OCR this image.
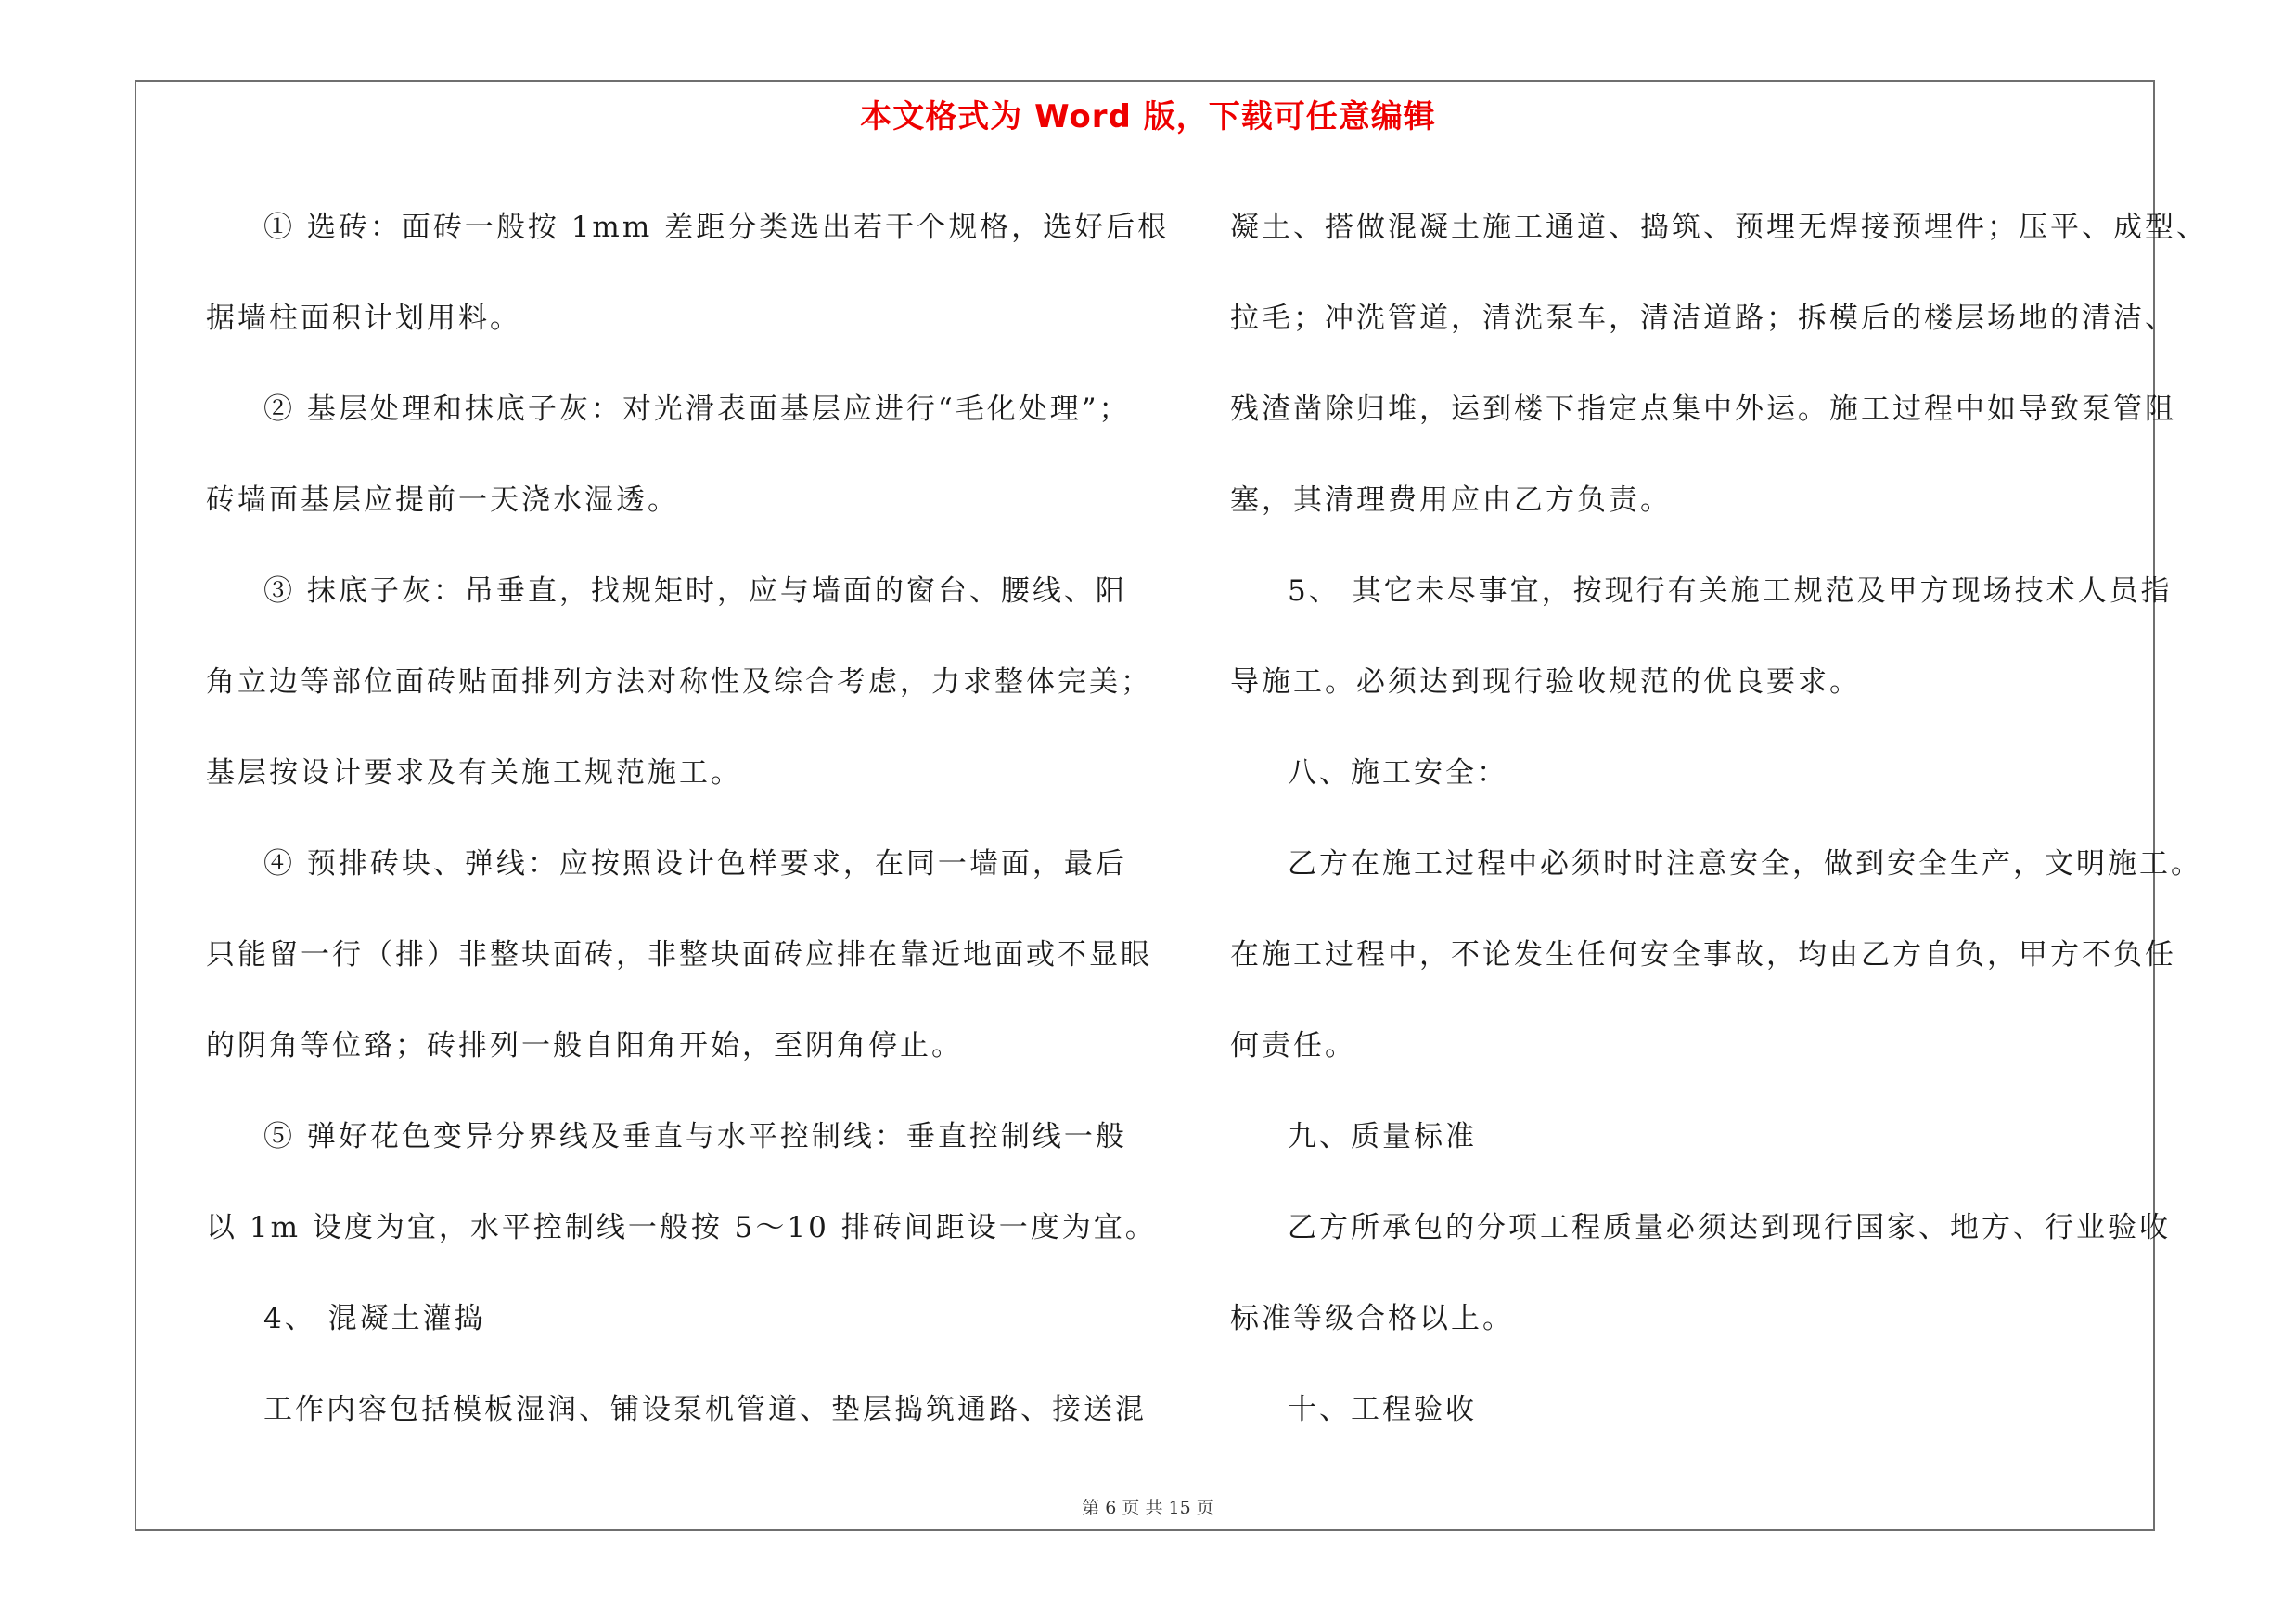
本文格式为 Word 版，下载可任意编辑

① 选砖：面砖一般按 1mm 差距分类选出若干个规格，选好后根

据墙柱面积计划用料。

② 基层处理和抹底子灰：对光滑表面基层应进行“毛化处理”；

砖墙面基层应提前一天浇水湿透。

③ 抹底子灰：吊垂直，找规矩时，应与墙面的窗台、腰线、阳

角立边等部位面砖贴面排列方法对称性及综合考虑，力求整体完美；

基层按设计要求及有关施工规范施工。

④ 预排砖块、弹线：应按照设计色样要求，在同一墙面，最后

只能留一行（排）非整块面砖，非整块面砖应排在靠近地面或不显眼

的阴角等位臵；砖排列一般自阳角开始，至阴角停止。

⑤ 弹好花色变异分界线及垂直与水平控制线：垂直控制线一般

以 1m 设度为宜，水平控制线一般按 5～10 排砖间距设一度为宜。

4、 混凝土灌捣

工作内容包括模板湿润、铺设泵机管道、垫层捣筑通路、接送混

凝土、搭做混凝土施工通道、捣筑、预埋无焊接预埋件；压平、成型、

拉毛；冲洗管道，清洗泵车，清洁道路；拆模后的楼层场地的清洁、

残渣凿除归堆，运到楼下指定点集中外运。施工过程中如导致泵管阻

塞，其清理费用应由乙方负责。

5、 其它未尽事宜，按现行有关施工规范及甲方现场技术人员指

导施工。必须达到现行验收规范的优良要求。

八、施工安全：

乙方在施工过程中必须时时注意安全，做到安全生产，文明施工。

在施工过程中，不论发生任何安全事故，均由乙方自负，甲方不负任

何责任。

九、质量标准

乙方所承包的分项工程质量必须达到现行国家、地方、行业验收

标准等级合格以上。

十、工程验收

第 6 页 共 15 页
